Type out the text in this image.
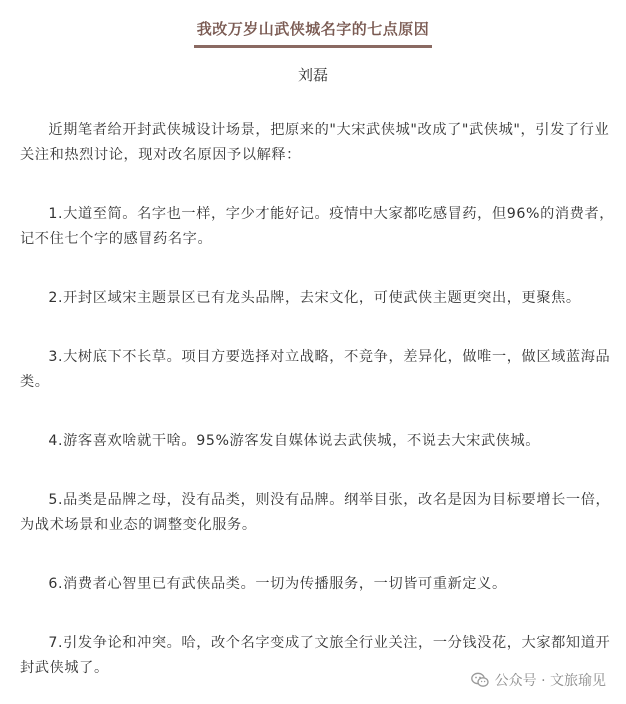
我改万岁山武侠城名字的七点原因
刘磊

近期笔者给开封武侠城设计场景，把原来的"大宋武侠城"改成了"武侠城"，引发了行业关注和热烈讨论，现对改名原因予以解释：

1.大道至简。名字也一样，字少才能好记。疫情中大家都吃感冒药，但96%的消费者，记不住七个字的感冒药名字。

2.开封区域宋主题景区已有龙头品牌，去宋文化，可使武侠主题更突出，更聚焦。

3.大树底下不长草。项目方要选择对立战略，不竞争，差异化，做唯一，做区域蓝海品类。

4.游客喜欢啥就干啥。95%游客发自媒体说去武侠城，不说去大宋武侠城。

5.品类是品牌之母，没有品类，则没有品牌。纲举目张，改名是因为目标要增长一倍，为战术场景和业态的调整变化服务。

6.消费者心智里已有武侠品类。一切为传播服务，一切皆可重新定义。

7.引发争论和冲突。哈，改个名字变成了文旅全行业关注，一分钱没花，大家都知道开封武侠城了。

公众号 · 文旅瑜见
